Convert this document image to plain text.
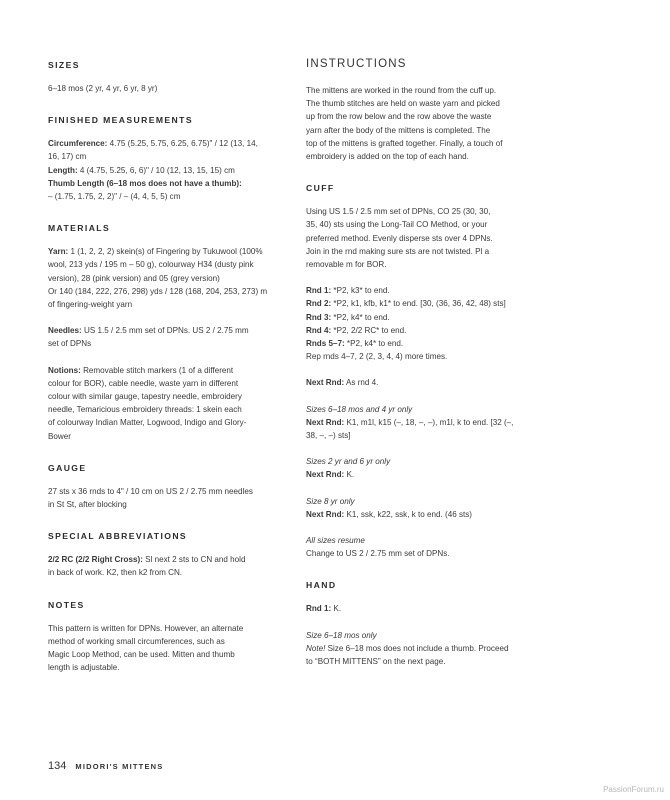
SIZES
6–18 mos (2 yr, 4 yr, 6 yr, 8 yr)
FINISHED MEASUREMENTS
Circumference: 4.75 (5.25, 5.75, 6.25, 6.75)" / 12 (13, 14,
16, 17) cm
Length: 4 (4.75, 5.25, 6, 6)" / 10 (12, 13, 15, 15) cm
Thumb Length (6–18 mos does not have a thumb):
– (1.75, 1.75, 2, 2)" / – (4, 4, 5, 5) cm
MATERIALS
Yarn: 1 (1, 2, 2, 2) skein(s) of Fingering by Tukuwool (100%
wool, 213 yds / 195 m – 50 g), colourway H34 (dusty pink
version), 28 (pink version) and 05 (grey version)
Or 140 (184, 222, 276, 298) yds / 128 (168, 204, 253, 273) m
of fingering-weight yarn
Needles: US 1.5 / 2.5 mm set of DPNs. US 2 / 2.75 mm
set of DPNs
Notions: Removable stitch markers (1 of a different
colour for BOR), cable needle, waste yarn in different
colour with similar gauge, tapestry needle, embroidery
needle, Temaricious embroidery threads: 1 skein each
of colourway Indian Matter, Logwood, Indigo and Glory-
Bower
GAUGE
27 sts x 36 rnds to 4" / 10 cm on US 2 / 2.75 mm needles
in St St, after blocking
SPECIAL ABBREVIATIONS
2/2 RC (2/2 Right Cross): Sl next 2 sts to CN and hold
in back of work. K2, then k2 from CN.
NOTES
This pattern is written for DPNs. However, an alternate
method of working small circumferences, such as
Magic Loop Method, can be used. Mitten and thumb
length is adjustable.
INSTRUCTIONS
The mittens are worked in the round from the cuff up.
The thumb stitches are held on waste yarn and picked
up from the row below and the row above the waste
yarn after the body of the mittens is completed. The
top of the mittens is grafted together. Finally, a touch of
embroidery is added on the top of each hand.
CUFF
Using US 1.5 / 2.5 mm set of DPNs, CO 25 (30, 30,
35, 40) sts using the Long-Tail CO Method, or your
preferred method. Evenly disperse sts over 4 DPNs.
Join in the rnd making sure sts are not twisted. Pl a
removable m for BOR.
Rnd 1: *P2, k3* to end.
Rnd 2: *P2, k1, kfb, k1* to end. [30, (36, 36, 42, 48) sts]
Rnd 3: *P2, k4* to end.
Rnd 4: *P2, 2/2 RC* to end.
Rnds 5–7: *P2, k4* to end.
Rep rnds 4–7, 2 (2, 3, 4, 4) more times.
Next Rnd: As rnd 4.
Sizes 6–18 mos and 4 yr only
Next Rnd: K1, m1l, k15 (–, 18, –, –), m1l, k to end. [32 (–,
38, –, –) sts]
Sizes 2 yr and 6 yr only
Next Rnd: K.
Size 8 yr only
Next Rnd: K1, ssk, k22, ssk, k to end. (46 sts)
All sizes resume
Change to US 2 / 2.75 mm set of DPNs.
HAND
Rnd 1: K.
Size 6–18 mos only
Note! Size 6–18 mos does not include a thumb. Proceed
to “BOTH MITTENS” on the next page.
134 MIDORI'S MITTENS
PassionForum.ru
